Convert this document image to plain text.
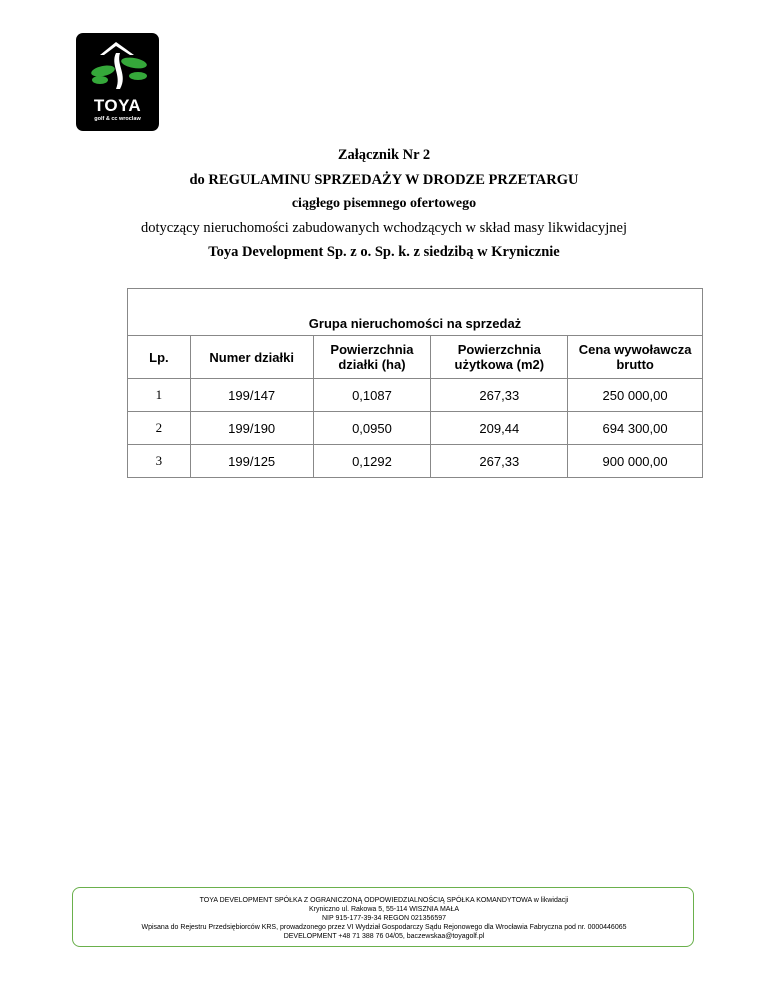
TOYA
golf & cc wroclaw
Załącznik Nr 2
do REGULAMINU SPRZEDAŻY W DRODZE PRZETARGU
ciągłego pisemnego ofertowego
dotyczący nieruchomości zabudowanych wchodzących w skład masy likwidacyjnej
Toya Development Sp. z o. Sp. k. z siedzibą w Krynicznie
Grupa nieruchomości na sprzedaż				
Lp.	Numer działki	Powierzchnia działki (ha)	Powierzchnia użytkowa (m2)	Cena wywoławcza brutto
1	199/147	0,1087	267,33	250 000,00
2	199/190	0,0950	209,44	694 300,00
3	199/125	0,1292	267,33	900 000,00
TOYA DEVELOPMENT SPÓŁKA Z OGRANICZONĄ ODPOWIEDZIALNOŚCIĄ SPÓŁKA KOMANDYTOWA w likwidacji
Kryniczno ul. Rakowa 5, 55-114 WISZNIA MAŁA
NIP 915-177-39-34 REGON 021356597
Wpisana do Rejestru Przedsiębiorców KRS, prowadzonego przez VI Wydział Gospodarczy Sądu Rejonowego dla Wrocławia Fabryczna pod nr. 0000446065
DEVELOPMENT +48 71 388 76 04/05, baczewskaa@toyagolf.pl
